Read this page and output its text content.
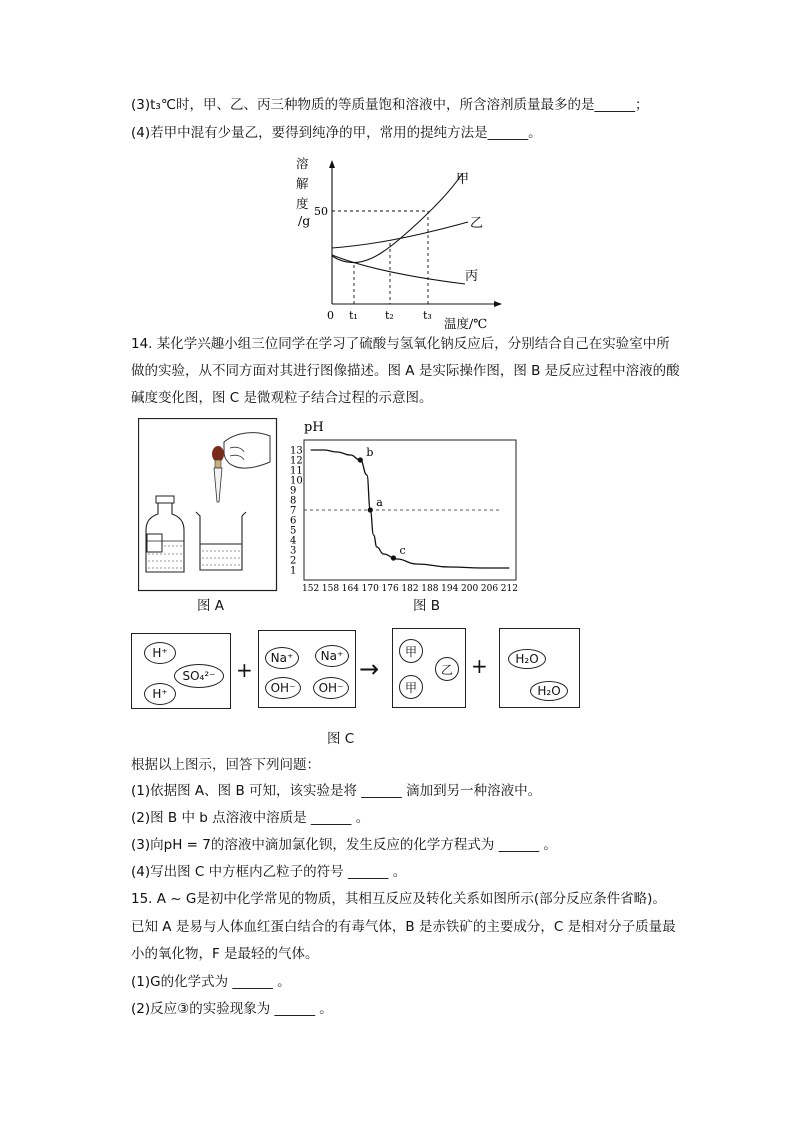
(3)t₃℃时，甲、乙、丙三种物质的等质量饱和溶液中，所含溶剂质量最多的是______；
(4)若甲中混有少量乙，要得到纯净的甲，常用的提纯方法是______。
溶
解
度
/g
0
50
t₁ t₂	t₃
温度/℃
甲
乙
丙
14. 某化学兴趣小组三位同学在学习了硫酸与氢氧化钠反应后，分别结合自己在实验室中所
做的实验，从不同方面对其进行图像描述。图 A 是实际操作图，图 B 是反应过程中溶液的酸
碱度变化图，图 C 是微观粒子结合过程的示意图。
图 A
pH
1
2
3
4
5
6
7
8
9
10
11
12
13
152 158 164 170 176 182 188 194 200 206 212
b
a
c
图 B
H⁺
SO₄²⁻
H⁺
+	Na⁺	Na⁺
OH⁻	OH⁻
→
甲
乙
甲
+	H₂O
H₂O
图 C
根据以上图示，回答下列问题：
(1)依据图 A、图 B 可知，该实验是将 ______ 滴加到另一种溶液中。
(2)图 B 中 b 点溶液中溶质是 ______ 。
(3)向pH = 7的溶液中滴加氯化钡，发生反应的化学方程式为 ______ 。
(4)写出图 C 中方框内乙粒子的符号 ______ 。
15. A ~ G是初中化学常见的物质，其相互反应及转化关系如图所示(部分反应条件省略)。
已知 A 是易与人体血红蛋白结合的有毒气体，B 是赤铁矿的主要成分，C 是相对分子质量最
小的氧化物，F 是最轻的气体。
(1)G的化学式为 ______ 。
(2)反应③的实验现象为 ______ 。
